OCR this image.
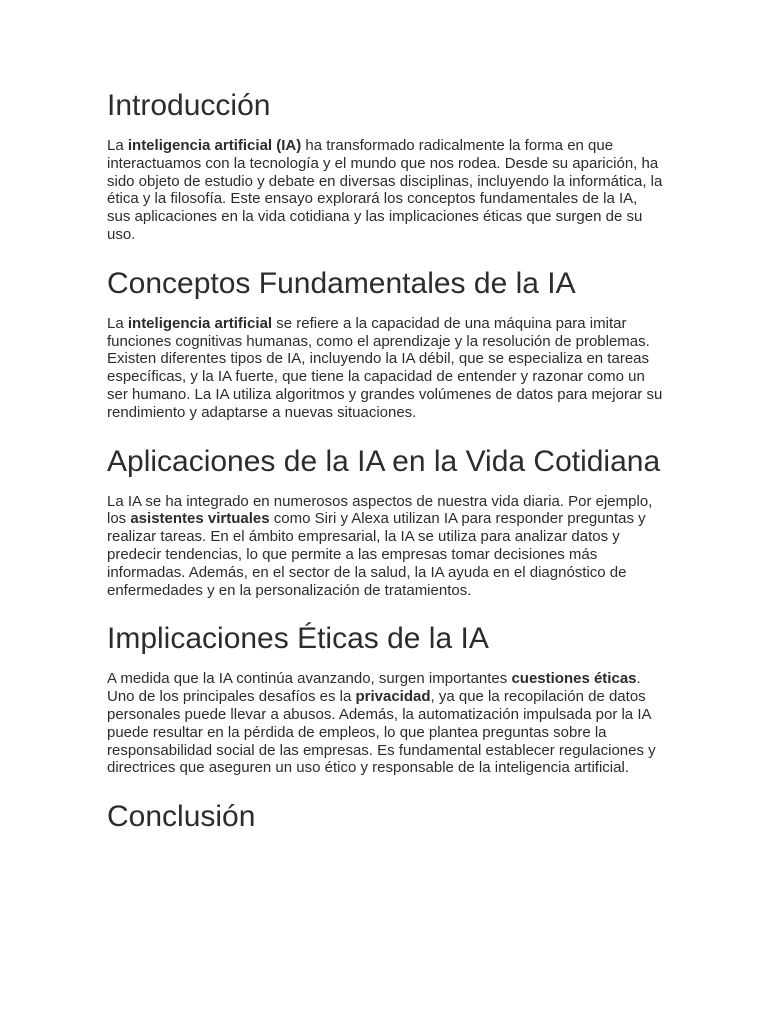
Introducción

La inteligencia artificial (IA) ha transformado radicalmente la forma en que interactuamos con la tecnología y el mundo que nos rodea. Desde su aparición, ha sido objeto de estudio y debate en diversas disciplinas, incluyendo la informática, la ética y la filosofía. Este ensayo explorará los conceptos fundamentales de la IA, sus aplicaciones en la vida cotidiana y las implicaciones éticas que surgen de su uso.

Conceptos Fundamentales de la IA

La inteligencia artificial se refiere a la capacidad de una máquina para imitar funciones cognitivas humanas, como el aprendizaje y la resolución de problemas. Existen diferentes tipos de IA, incluyendo la IA débil, que se especializa en tareas específicas, y la IA fuerte, que tiene la capacidad de entender y razonar como un ser humano. La IA utiliza algoritmos y grandes volúmenes de datos para mejorar su rendimiento y adaptarse a nuevas situaciones.

Aplicaciones de la IA en la Vida Cotidiana

La IA se ha integrado en numerosos aspectos de nuestra vida diaria. Por ejemplo, los asistentes virtuales como Siri y Alexa utilizan IA para responder preguntas y realizar tareas. En el ámbito empresarial, la IA se utiliza para analizar datos y predecir tendencias, lo que permite a las empresas tomar decisiones más informadas. Además, en el sector de la salud, la IA ayuda en el diagnóstico de enfermedades y en la personalización de tratamientos.

Implicaciones Éticas de la IA

A medida que la IA continúa avanzando, surgen importantes cuestiones éticas. Uno de los principales desafíos es la privacidad, ya que la recopilación de datos personales puede llevar a abusos. Además, la automatización impulsada por la IA puede resultar en la pérdida de empleos, lo que plantea preguntas sobre la responsabilidad social de las empresas. Es fundamental establecer regulaciones y directrices que aseguren un uso ético y responsable de la inteligencia artificial.

Conclusión
